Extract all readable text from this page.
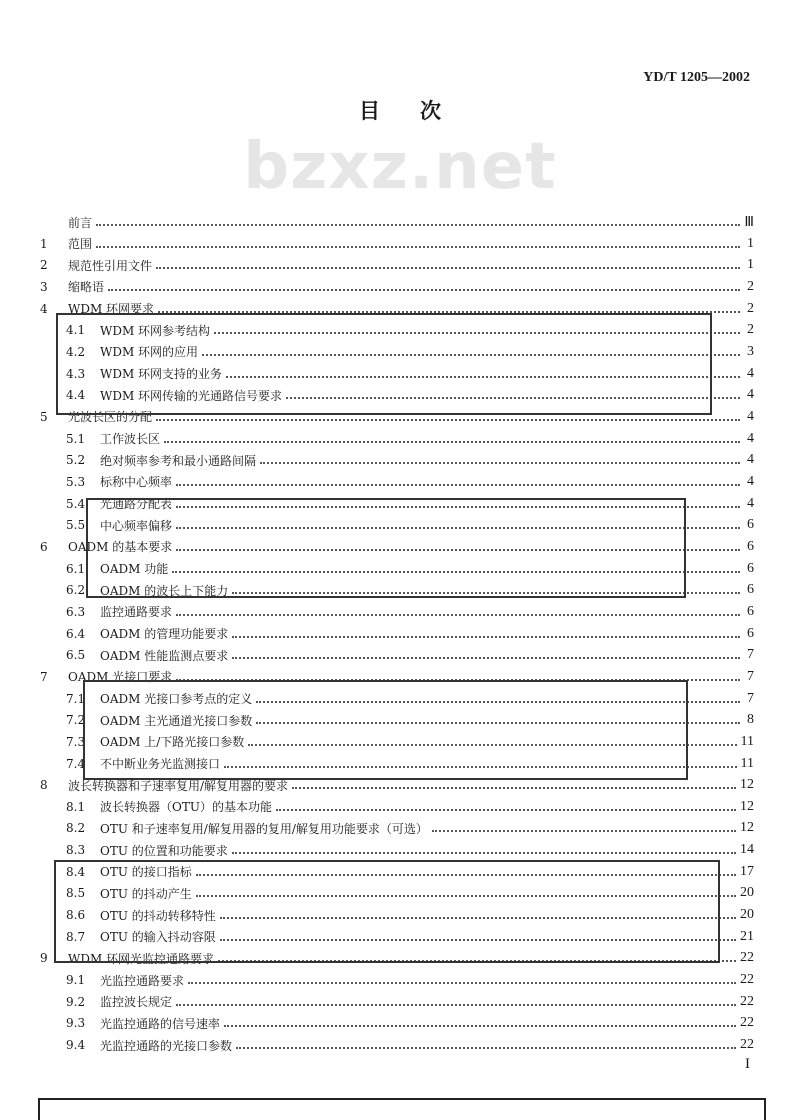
YD/T 1205—2002
目次
bzxz.net
前言	Ⅲ
1	范围	1
2	规范性引用文件	1
3	缩略语	2
4	WDM 环网要求	2
4.1	WDM 环网参考结构	2
4.2	WDM 环网的应用	3
4.3	WDM 环网支持的业务	4
4.4	WDM 环网传输的光通路信号要求	4
5	光波长区的分配	4
5.1	工作波长区	4
5.2	绝对频率参考和最小通路间隔	4
5.3	标称中心频率	4
5.4	光通路分配表	4
5.5	中心频率偏移	6
6	OADM 的基本要求	6
6.1	OADM 功能	6
6.2	OADM 的波长上下能力	6
6.3	监控通路要求	6
6.4	OADM 的管理功能要求	6
6.5	OADM 性能监测点要求	7
7	OADM 光接口要求	7
7.1	OADM 光接口参考点的定义	7
7.2	OADM 主光通道光接口参数	8
7.3	OADM 上/下路光接口参数	11
7.4	不中断业务光监测接口	11
8	波长转换器和子速率复用/解复用器的要求	12
8.1	波长转换器（OTU）的基本功能	12
8.2	OTU 和子速率复用/解复用器的复用/解复用功能要求（可选）	12
8.3	OTU 的位置和功能要求	14
8.4	OTU 的接口指标	17
8.5	OTU 的抖动产生	20
8.6	OTU 的抖动转移特性	20
8.7	OTU 的输入抖动容限	21
9	WDM 环网光监控通路要求	22
9.1	光监控通路要求	22
9.2	监控波长规定	22
9.3	光监控通路的信号速率	22
9.4	光监控通路的光接口参数	22
I
